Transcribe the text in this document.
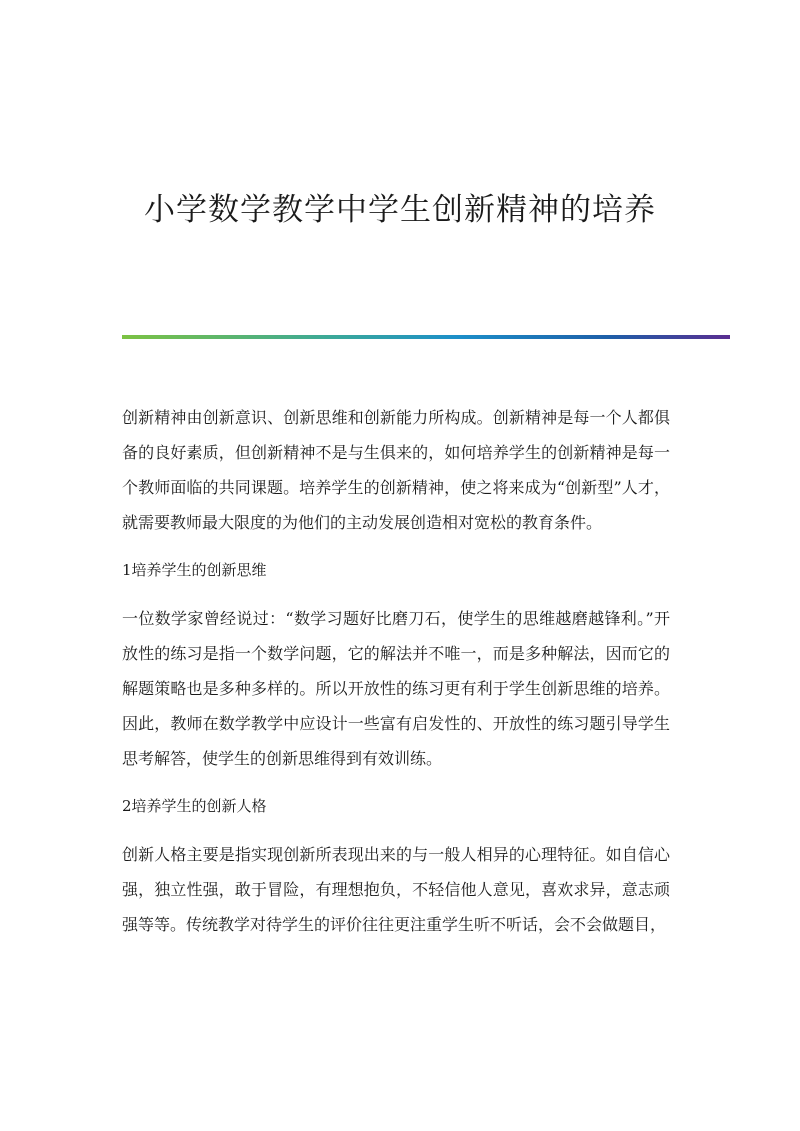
小学数学教学中学生创新精神的培养

创新精神由创新意识、创新思维和创新能力所构成。创新精神是每一个人都俱备的良好素质，但创新精神不是与生俱来的，如何培养学生的创新精神是每一个教师面临的共同课题。培养学生的创新精神，使之将来成为“创新型”人才，就需要教师最大限度的为他们的主动发展创造相对宽松的教育条件。

1培养学生的创新思维

一位数学家曾经说过：“数学习题好比磨刀石，使学生的思维越磨越锋利。”开放性的练习是指一个数学问题，它的解法并不唯一，而是多种解法，因而它的解题策略也是多种多样的。所以开放性的练习更有利于学生创新思维的培养。因此，教师在数学教学中应设计一些富有启发性的、开放性的练习题引导学生思考解答，使学生的创新思维得到有效训练。

2培养学生的创新人格

创新人格主要是指实现创新所表现出来的与一般人相异的心理特征。如自信心强，独立性强，敢于冒险，有理想抱负，不轻信他人意见，喜欢求异，意志顽强等等。传统教学对待学生的评价往往更注重学生听不听话，会不会做题目，
